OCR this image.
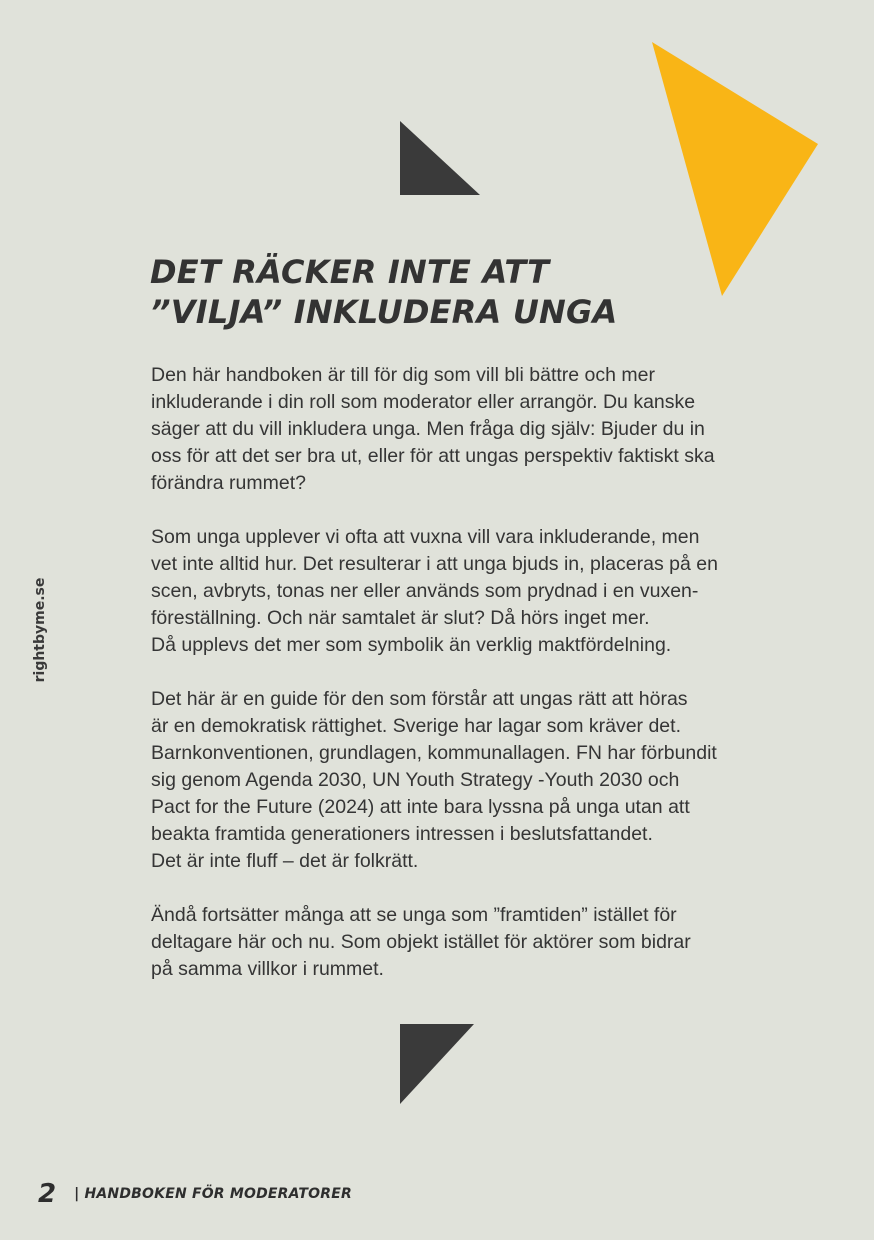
DET RÄCKER INTE ATT
”VILJA” INKLUDERA UNGA

Den här handboken är till för dig som vill bli bättre och mer
inkluderande i din roll som moderator eller arrangör. Du kanske
säger att du vill inkludera unga. Men fråga dig själv: Bjuder du in
oss för att det ser bra ut, eller för att ungas perspektiv faktiskt ska
förändra rummet?

Som unga upplever vi ofta att vuxna vill vara inkluderande, men
vet inte alltid hur. Det resulterar i att unga bjuds in, placeras på en
scen, avbryts, tonas ner eller används som prydnad i en vuxen-
föreställning. Och när samtalet är slut? Då hörs inget mer.
Då upplevs det mer som symbolik än verklig maktfördelning.

Det här är en guide för den som förstår att ungas rätt att höras
är en demokratisk rättighet. Sverige har lagar som kräver det.
Barnkonventionen, grundlagen, kommunallagen. FN har förbundit
sig genom Agenda 2030, UN Youth Strategy -Youth 2030 och
Pact for the Future (2024) att inte bara lyssna på unga utan att
beakta framtida generationers intressen i beslutsfattandet.
Det är inte fluff – det är folkrätt.

Ändå fortsätter många att se unga som ”framtiden” istället för
deltagare här och nu. Som objekt istället för aktörer som bidrar
på samma villkor i rummet.

rightbyme.se
2 | HANDBOKEN FÖR MODERATORER
